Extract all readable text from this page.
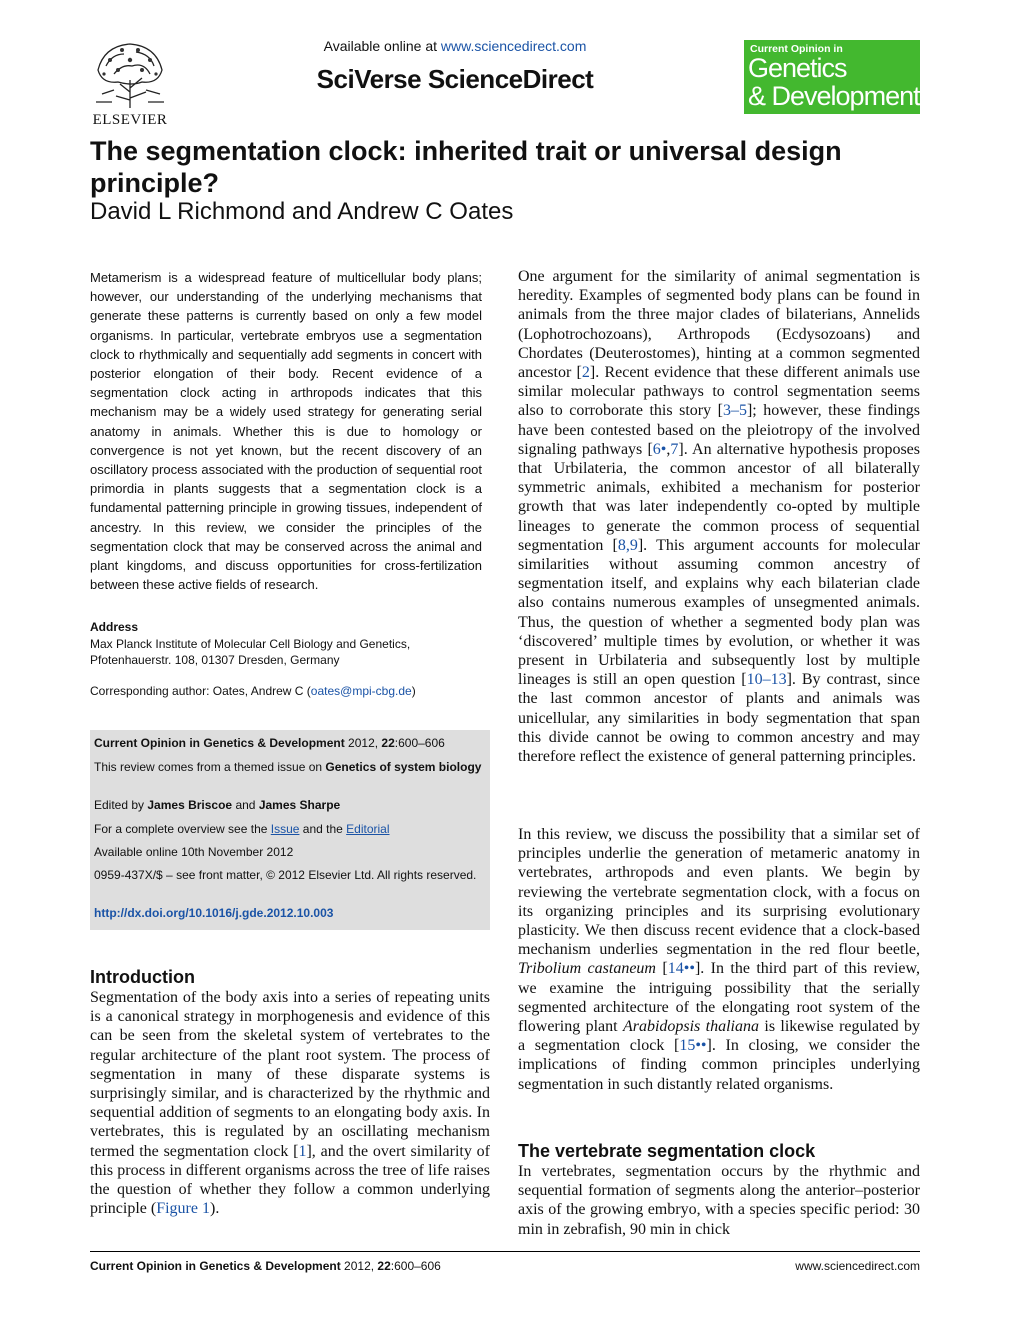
ELSEVIER
Available online at www.sciencedirect.com
SciVerse ScienceDirect
Current Opinion in
Genetics
& Development
The segmentation clock: inherited trait or universal design principle?
David L Richmond and Andrew C Oates
Metamerism is a widespread feature of multicellular body plans; however, our understanding of the underlying mechanisms that generate these patterns is currently based on only a few model organisms. In particular, vertebrate embryos use a segmentation clock to rhythmically and sequentially add segments in concert with posterior elongation of their body. Recent evidence of a segmentation clock acting in arthropods indicates that this mechanism may be a widely used strategy for generating serial anatomy in animals. Whether this is due to homology or convergence is not yet known, but the recent discovery of an oscillatory process associated with the production of sequential root primordia in plants suggests that a segmentation clock is a fundamental patterning principle in growing tissues, independent of ancestry. In this review, we consider the principles of the segmentation clock that may be conserved across the animal and plant kingdoms, and discuss opportunities for cross-fertilization between these active fields of research.
Address
Max Planck Institute of Molecular Cell Biology and Genetics,
Pfotenhauerstr. 108, 01307 Dresden, Germany
Corresponding author: Oates, Andrew C (oates@mpi-cbg.de)
Current Opinion in Genetics & Development 2012, 22:600–606
This review comes from a themed issue on Genetics of system biology
Edited by James Briscoe and James Sharpe
For a complete overview see the Issue and the Editorial
Available online 10th November 2012
0959-437X/$ – see front matter, © 2012 Elsevier Ltd. All rights reserved.
http://dx.doi.org/10.1016/j.gde.2012.10.003
Introduction
Segmentation of the body axis into a series of repeating units is a canonical strategy in morphogenesis and evidence of this can be seen from the skeletal system of vertebrates to the regular architecture of the plant root system. The process of segmentation in many of these disparate systems is surprisingly similar, and is characterized by the rhythmic and sequential addition of segments to an elongating body axis. In vertebrates, this is regulated by an oscillating mechanism termed the segmentation clock [1], and the overt similarity of this process in different organisms across the tree of life raises the question of whether they follow a common underlying principle (Figure 1).
One argument for the similarity of animal segmentation is heredity. Examples of segmented body plans can be found in animals from the three major clades of bilaterians, Annelids (Lophotrochozoans), Arthropods (Ecdysozoans) and Chordates (Deuterostomes), hinting at a common segmented ancestor [2]. Recent evidence that these different animals use similar molecular pathways to control segmentation seems also to corroborate this story [3–5]; however, these findings have been contested based on the pleiotropy of the involved signaling pathways [6•,7]. An alternative hypothesis proposes that Urbilateria, the common ancestor of all bilaterally symmetric animals, exhibited a mechanism for posterior growth that was later independently co-opted by multiple lineages to generate the common process of sequential segmentation [8,9]. This argument accounts for molecular similarities without assuming common ancestry of segmentation itself, and explains why each bilaterian clade also contains numerous examples of unsegmented animals. Thus, the question of whether a segmented body plan was ‘discovered’ multiple times by evolution, or whether it was present in Urbilateria and subsequently lost by multiple lineages is still an open question [10–13]. By contrast, since the last common ancestor of plants and animals was unicellular, any similarities in body segmentation that span this divide cannot be owing to common ancestry and may therefore reflect the existence of general patterning principles.
In this review, we discuss the possibility that a similar set of principles underlie the generation of metameric anatomy in vertebrates, arthropods and even plants. We begin by reviewing the vertebrate segmentation clock, with a focus on its organizing principles and its surprising evolutionary plasticity. We then discuss recent evidence that a clock-based mechanism underlies segmentation in the red flour beetle, Tribolium castaneum [14••]. In the third part of this review, we examine the intriguing possibility that the serially segmented architecture of the elongating root system of the flowering plant Arabidopsis thaliana is likewise regulated by a segmentation clock [15••]. In closing, we consider the implications of finding common principles underlying segmentation in such distantly related organisms.
The vertebrate segmentation clock
In vertebrates, segmentation occurs by the rhythmic and sequential formation of segments along the anterior–posterior axis of the growing embryo, with a species specific period: 30 min in zebrafish, 90 min in chick
Current Opinion in Genetics & Development 2012, 22:600–606	www.sciencedirect.com
